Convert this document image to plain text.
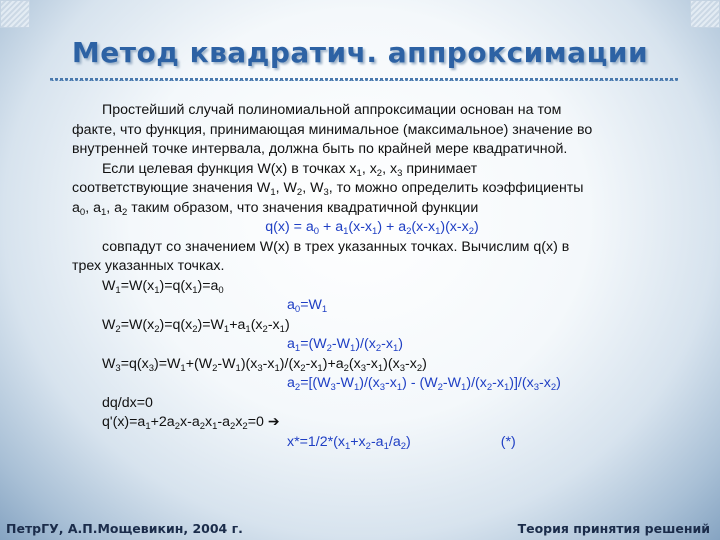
Метод квадратич. аппроксимации

Простейший случай полиномиальной аппроксимации основан на том

факте, что функция, принимающая минимальное (максимальное) значение во

внутренней точке интервала, должна быть по крайней мере квадратичной.

Если целевая функция W(x) в точках $x_1$, $x_2$, $x_3$ принимает

соответствующие значения $W_1$, $W_2$, $W_3$, то можно определить коэффициенты

$a_0$, $a_1$, $a_2$ таким образом, что значения квадратичной функции

$q(x) = a_0 + a_1(x-x_1) + a_2(x-x_1)(x-x_2)$

совпадут со значением W(x) в трех указанных точках. Вычислим q(x) в

трех указанных точках.

$W_1=W(x_1)=q(x_1)=a_0$

$a_0=W_1$

$W_2=W(x_2)=q(x_2)=W_1+a_1(x_2-x_1)$

$a_1=(W_2-W_1)/(x_2-x_1)$

$W_3=q(x_3)=W_1+(W_2-W_1)(x_3-x_1)/(x_2-x_1)+a_2(x_3-x_1)(x_3-x_2)$

$a_2=[(W_3-W_1)/(x_3-x_1) - (W_2-W_1)/(x_2-x_1)]/(x_3-x_2)$

dq/dx=0

$q'(x)=a_1+2a_2x-a_2x_1-a_2x_2=0$ ➔

$x*=1/2*(x_1+x_2-a_1/a_2)$	(*)

ПетрГУ, А.П.Мощевикин, 2004 г.	Теория принятия решений
